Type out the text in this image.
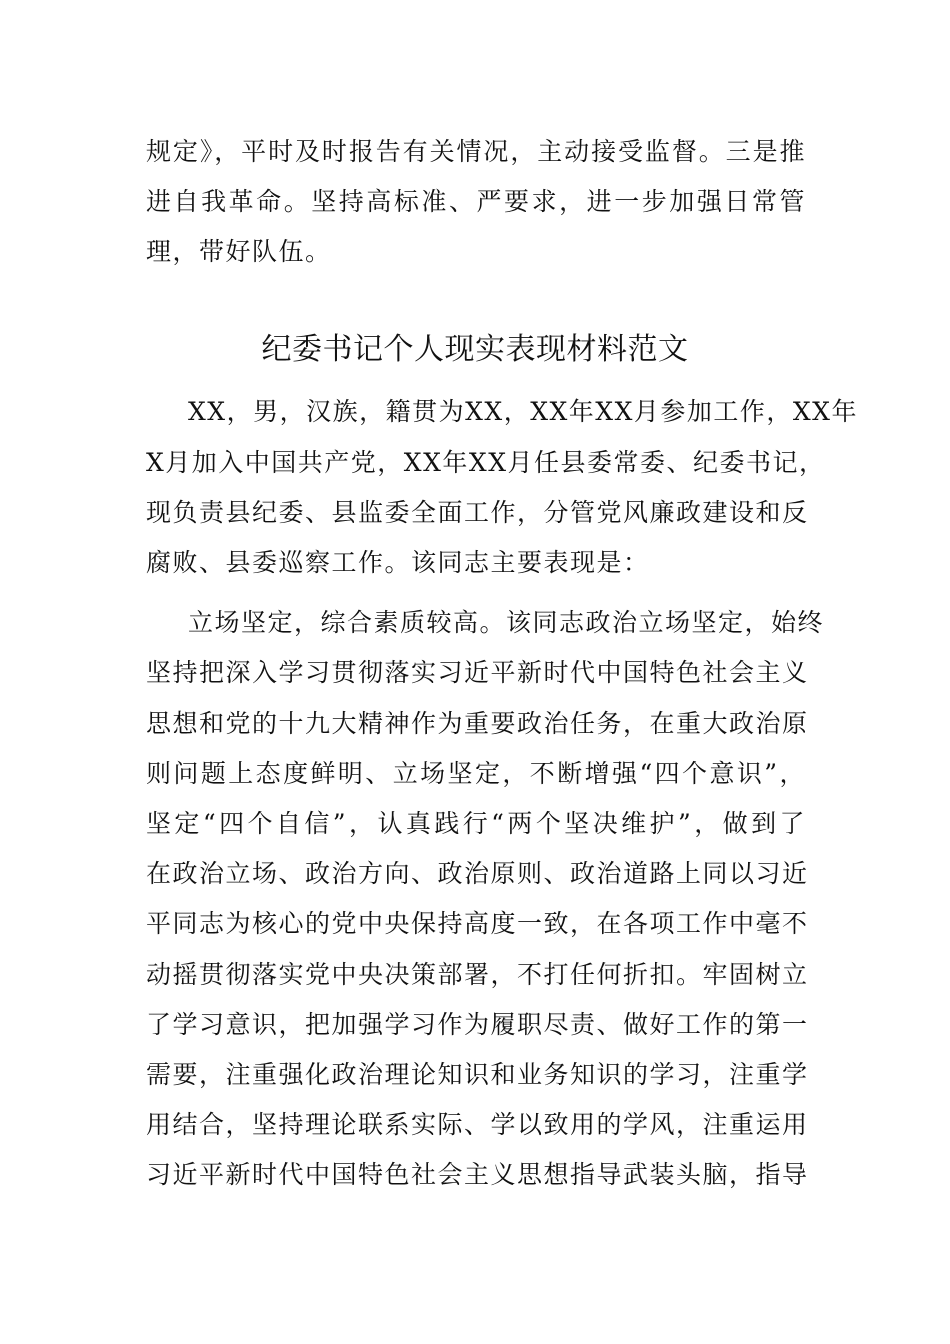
规定》，平时及时报告有关情况，主动接受监督。三是推
进自我革命。坚持高标准、严要求，进一步加强日常管
理，带好队伍。
纪委书记个人现实表现材料范文
XX，男，汉族，籍贯为XX，XX年XX月参加工作，XX年
X月加入中国共产党，XX年XX月任县委常委、纪委书记，
现负责县纪委、县监委全面工作，分管党风廉政建设和反
腐败、县委巡察工作。该同志主要表现是：
立场坚定，综合素质较高。该同志政治立场坚定，始终
坚持把深入学习贯彻落实习近平新时代中国特色社会主义
思想和党的十九大精神作为重要政治任务，在重大政治原
则问题上态度鲜明、立场坚定，不断增强“四个意识”，
坚定“四个自信”，认真践行“两个坚决维护”，做到了
在政治立场、政治方向、政治原则、政治道路上同以习近
平同志为核心的党中央保持高度一致，在各项工作中毫不
动摇贯彻落实党中央决策部署，不打任何折扣。牢固树立
了学习意识，把加强学习作为履职尽责、做好工作的第一
需要，注重强化政治理论知识和业务知识的学习，注重学
用结合，坚持理论联系实际、学以致用的学风，注重运用
习近平新时代中国特色社会主义思想指导武装头脑，指导
